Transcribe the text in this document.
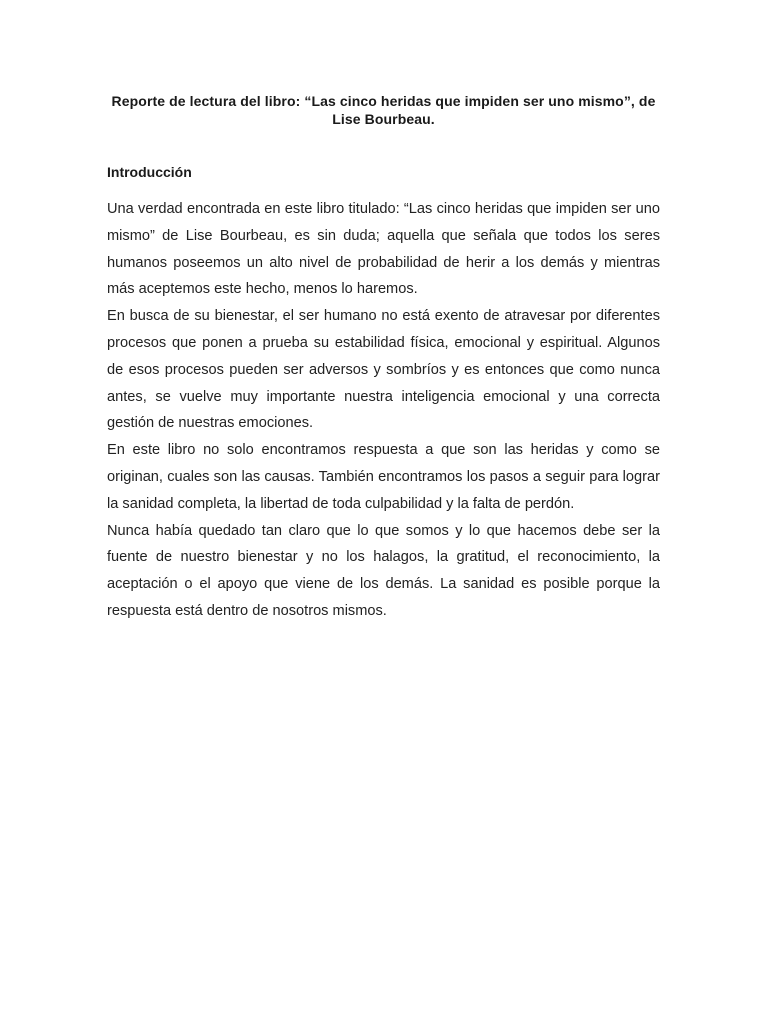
Reporte de lectura del libro: “Las cinco heridas que impiden ser uno mismo”, de Lise Bourbeau.
Introducción

Una verdad encontrada en este libro titulado: “Las cinco heridas que impiden ser uno mismo” de Lise Bourbeau, es sin duda; aquella que señala que todos los seres humanos poseemos un alto nivel de probabilidad de herir a los demás y mientras más aceptemos este hecho, menos lo haremos.

En busca de su bienestar, el ser humano no está exento de atravesar por diferentes procesos que ponen a prueba su estabilidad física, emocional y espiritual. Algunos de esos procesos pueden ser adversos y sombríos y es entonces que como nunca antes, se vuelve muy importante nuestra inteligencia emocional y una correcta gestión de nuestras emociones.

En este libro no solo encontramos respuesta a que son las heridas y como se originan, cuales son las causas. También encontramos los pasos a seguir para lograr la sanidad completa, la libertad de toda culpabilidad y la falta de perdón.

Nunca había quedado tan claro que lo que somos y lo que hacemos debe ser la fuente de nuestro bienestar y no los halagos, la gratitud, el reconocimiento, la aceptación o el apoyo que viene de los demás. La sanidad es posible porque la respuesta está dentro de nosotros mismos.
